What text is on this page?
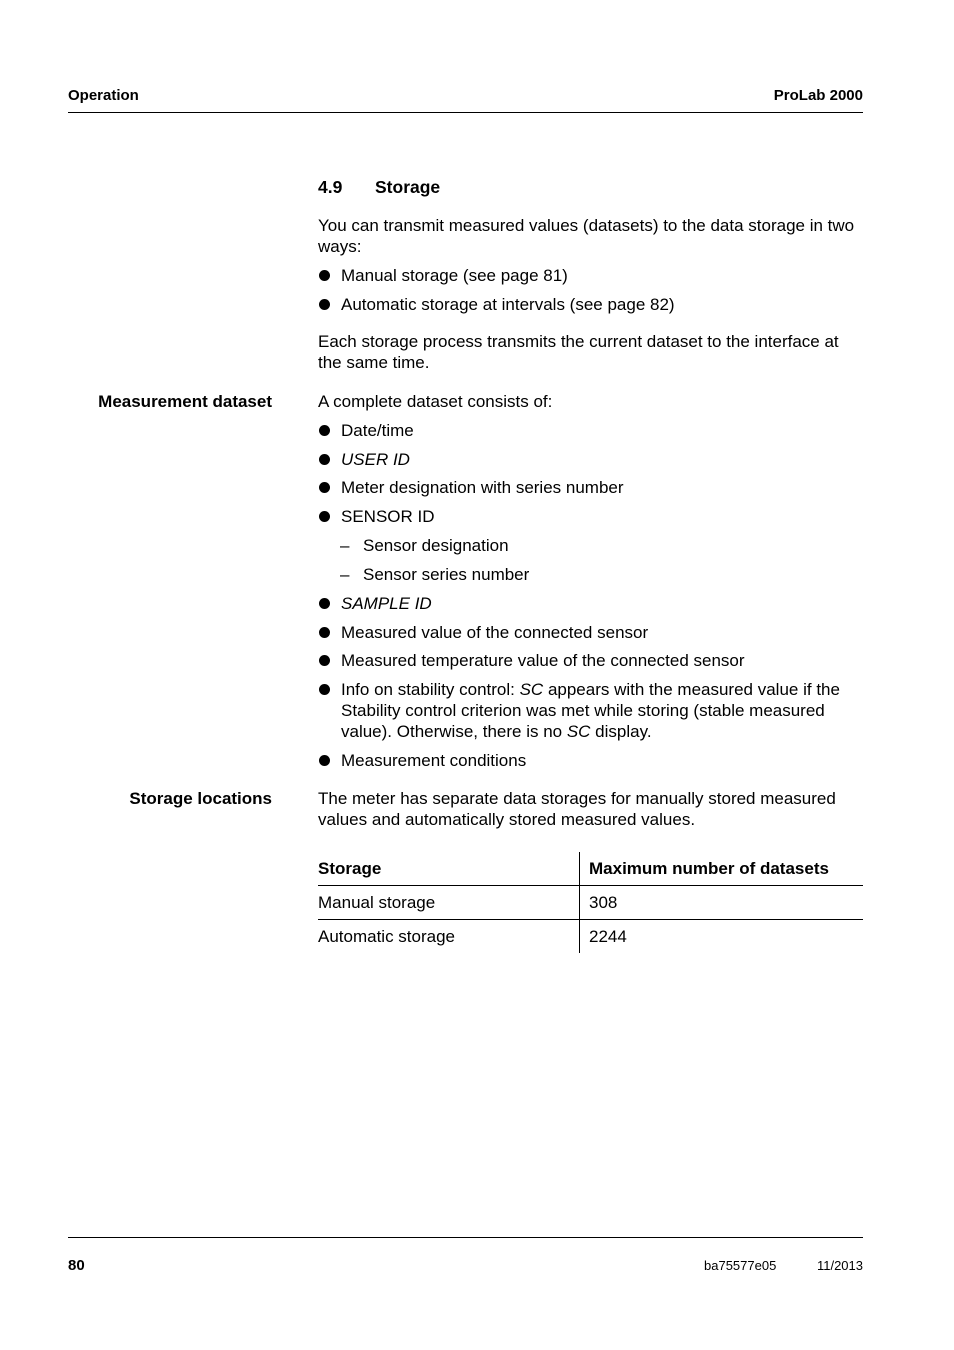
Operation	ProLab 2000
4.9 Storage
You can transmit measured values (datasets) to the data storage in two ways:
Manual storage (see page 81)
Automatic storage at intervals (see page 82)
Each storage process transmits the current dataset to the interface at the same time.
Measurement dataset	A complete dataset consists of:
Date/time
USER ID
Meter designation with series number
SENSOR ID
– Sensor designation
– Sensor series number
SAMPLE ID
Measured value of the connected sensor
Measured temperature value of the connected sensor
Info on stability control: SC appears with the measured value if the Stability control criterion was met while storing (stable measured value). Otherwise, there is no SC display.
Measurement conditions
Storage locations	The meter has separate data storages for manually stored measured values and automatically stored measured values.
Storage	Maximum number of datasets
Manual storage	308
Automatic storage	2244
80	ba75577e05	11/2013
